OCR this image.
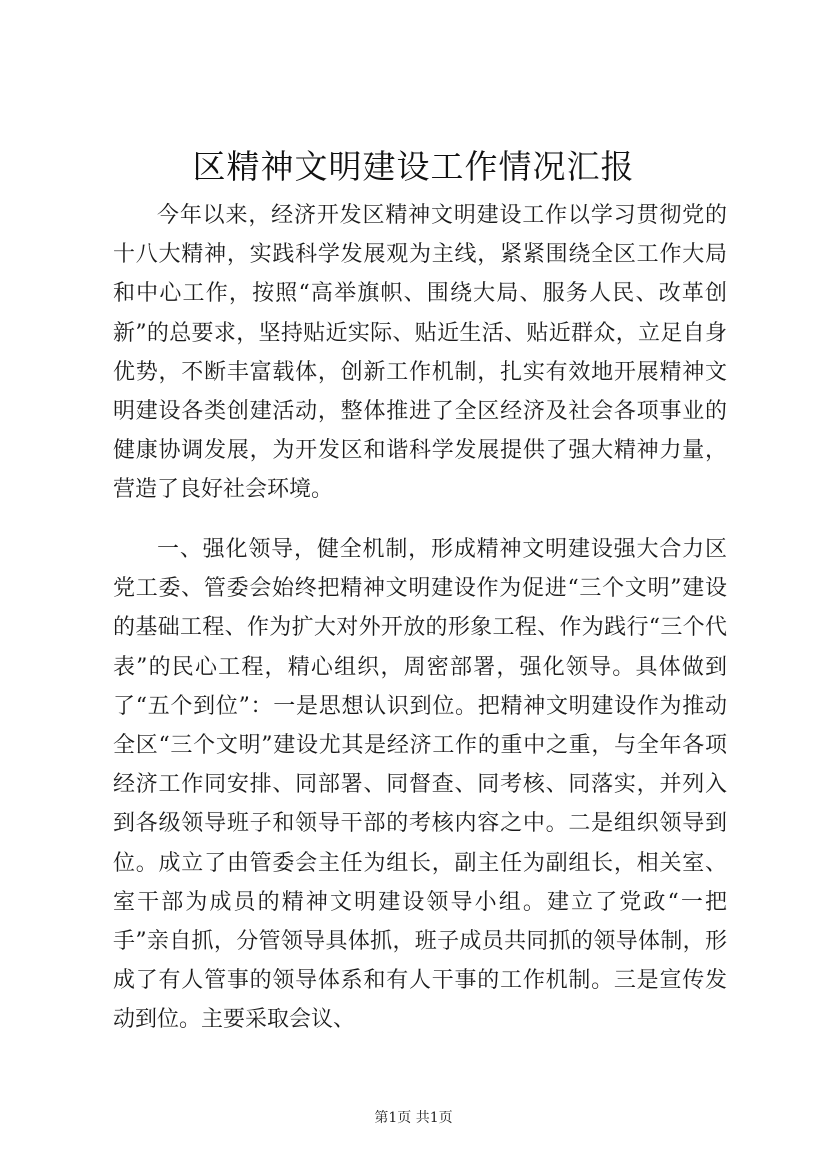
区精神文明建设工作情况汇报

今年以来，经济开发区精神文明建设工作以学习贯彻党的十八大精神，实践科学发展观为主线，紧紧围绕全区工作大局和中心工作，按照“高举旗帜、围绕大局、服务人民、改革创新”的总要求，坚持贴近实际、贴近生活、贴近群众，立足自身优势，不断丰富载体，创新工作机制，扎实有效地开展精神文明建设各类创建活动，整体推进了全区经济及社会各项事业的健康协调发展，为开发区和谐科学发展提供了强大精神力量，营造了良好社会环境。

一、强化领导，健全机制，形成精神文明建设强大合力区党工委、管委会始终把精神文明建设作为促进“三个文明”建设的基础工程、作为扩大对外开放的形象工程、作为践行“三个代表”的民心工程，精心组织，周密部署，强化领导。具体做到了“五个到位”：一是思想认识到位。把精神文明建设作为推动全区“三个文明”建设尤其是经济工作的重中之重，与全年各项经济工作同安排、同部署、同督查、同考核、同落实，并列入到各级领导班子和领导干部的考核内容之中。二是组织领导到位。成立了由管委会主任为组长，副主任为副组长，相关室、室干部为成员的精神文明建设领导小组。建立了党政“一把手”亲自抓，分管领导具体抓，班子成员共同抓的领导体制，形成了有人管事的领导体系和有人干事的工作机制。三是宣传发动到位。主要采取会议、

第1页 共1页
